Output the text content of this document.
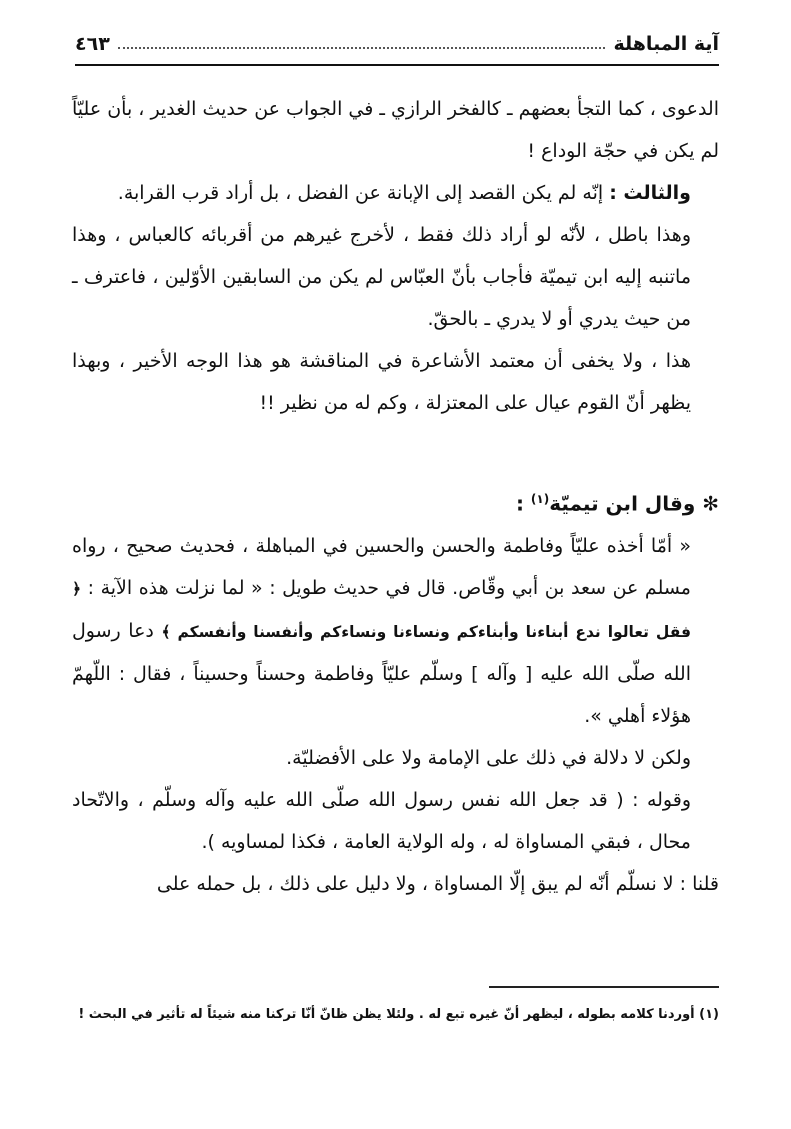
آية المباهلة
٤٦٣

الدعوى ، كما التجأ بعضهم ـ كالفخر الرازي ـ في الجواب عن حديث الغدير ، بأن عليّاً لم يكن في حجّة الوداع !

والثالث : إنّه لم يكن القصد إلى الإبانة عن الفضل ، بل أراد قرب القرابة.

وهذا باطل ، لأنّه لو أراد ذلك فقط ، لأخرج غيرهم من أقربائه كالعباس ، وهذا ماتنبه إليه ابن تيميّة فأجاب بأنّ العبّاس لم يكن من السابقين الأوّلين ، فاعترف ـ من حيث يدري أو لا يدري ـ بالحقّ.

هذا ، ولا يخفى أن معتمد الأشاعرة في المناقشة هو هذا الوجه الأخير ، وبهذا يظهر أنّ القوم عيال على المعتزلة ، وكم له من نظير !!

✻ وقال ابن تيميّة$^{(١)}$ :

« أمّا أخذه عليّاً وفاطمة والحسن والحسين في المباهلة ، فحديث صحيح ، رواه مسلم عن سعد بن أبي وقّاص. قال في حديث طويل : « لما نزلت هذه الآية : ﴿ فقل تعالوا ندع أبناءنا وأبناءكم ونساءنا ونساءكم وأنفسنا وأنفسكم ﴾ دعا رسول الله صلّى الله عليه [ وآله ] وسلّم عليّاً وفاطمة وحسناً وحسيناً ، فقال : اللّهمّ هؤلاء أهلي ».

ولكن لا دلالة في ذلك على الإمامة ولا على الأفضليّة.

وقوله : ( قد جعل الله نفس رسول الله صلّى الله عليه وآله وسلّم ، والاتّحاد محال ، فبقي المساواة له ، وله الولاية العامة ، فكذا لمساويه ).

قلنا : لا نسلّم أنّه لم يبق إلّا المساواة ، ولا دليل على ذلك ، بل حمله على

(١) أوردنا كلامه بطوله ، ليظهر أنّ غيره تبع له . ولئلا يظن ظانّ أنّا تركنا منه شيئاً له تأثير في البحث !
